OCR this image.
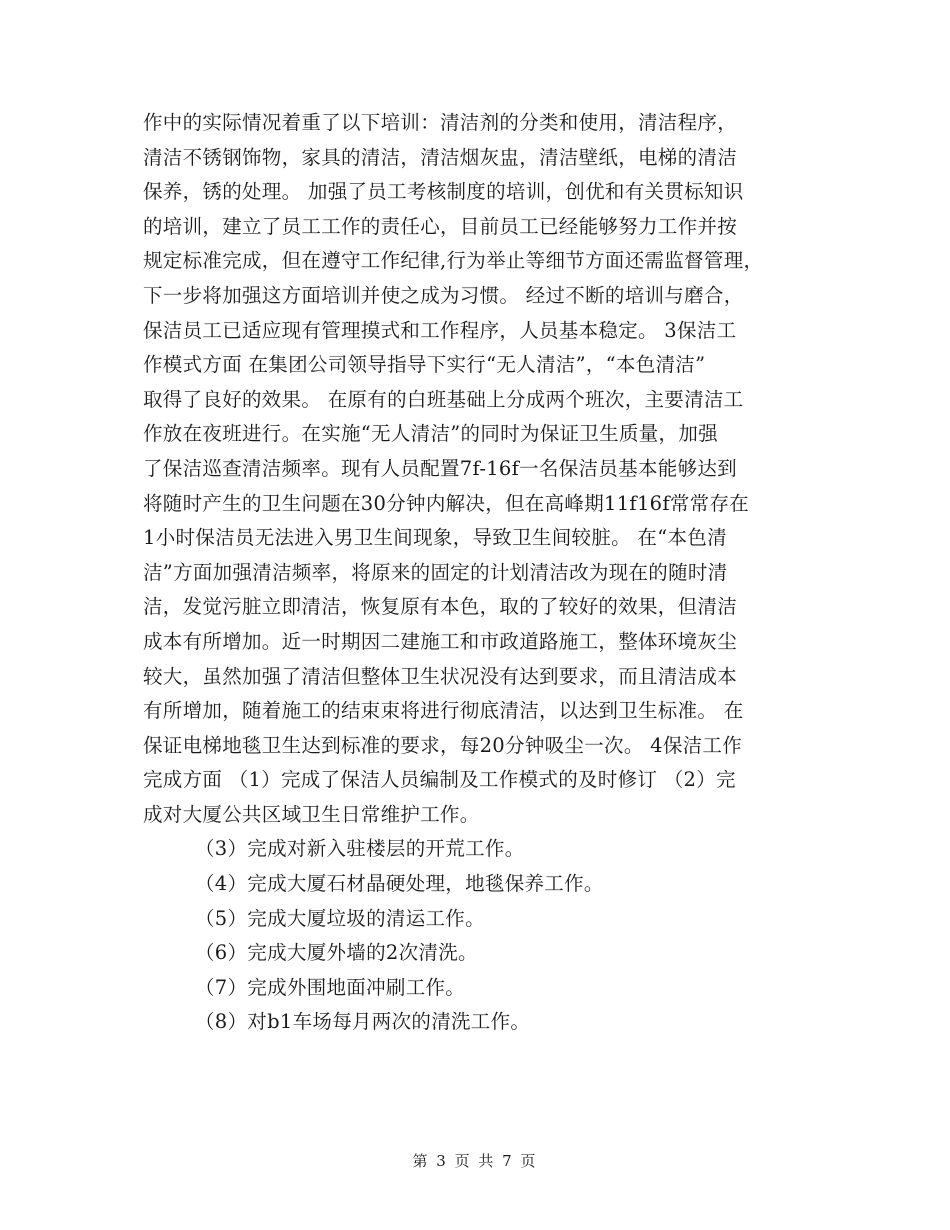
作中的实际情况着重了以下培训：清洁剂的分类和使用，清洁程序，
清洁不锈钢饰物，家具的清洁，清洁烟灰盅，清洁壁纸，电梯的清洁
保养，锈的处理。 加强了员工考核制度的培训，创优和有关贯标知识
的培训，建立了员工工作的责任心，目前员工已经能够努力工作并按
规定标准完成，但在遵守工作纪律,行为举止等细节方面还需监督管理，
下一步将加强这方面培训并使之成为习惯。 经过不断的培训与磨合，
保洁员工已适应现有管理摸式和工作程序，人员基本稳定。 3保洁工
作模式方面 在集团公司领导指导下实行“无人清洁”，“本色清洁”
取得了良好的效果。 在原有的白班基础上分成两个班次，主要清洁工
作放在夜班进行。在实施“无人清洁”的同时为保证卫生质量，加强
了保洁巡查清洁频率。现有人员配置7f-16f一名保洁员基本能够达到
将随时产生的卫生问题在30分钟内解决，但在高峰期11f16f常常存在
1小时保洁员无法进入男卫生间现象，导致卫生间较脏。 在“本色清
洁”方面加强清洁频率，将原来的固定的计划清洁改为现在的随时清
洁，发觉污脏立即清洁，恢复原有本色，取的了较好的效果，但清洁
成本有所增加。近一时期因二建施工和市政道路施工，整体环境灰尘
较大，虽然加强了清洁但整体卫生状况没有达到要求，而且清洁成本
有所增加，随着施工的结束束将进行彻底清洁，以达到卫生标准。 在
保证电梯地毯卫生达到标准的要求，每20分钟吸尘一次。 4保洁工作
完成方面 （1）完成了保洁人员编制及工作模式的及时修订 （2）完
成对大厦公共区域卫生日常维护工作。
（3）完成对新入驻楼层的开荒工作。
（4）完成大厦石材晶硬处理，地毯保养工作。
（5）完成大厦垃圾的清运工作。
（6）完成大厦外墙的2次清洗。
（7）完成外围地面冲刷工作。
（8）对b1车场每月两次的清洗工作。
第 3 页 共 7 页
